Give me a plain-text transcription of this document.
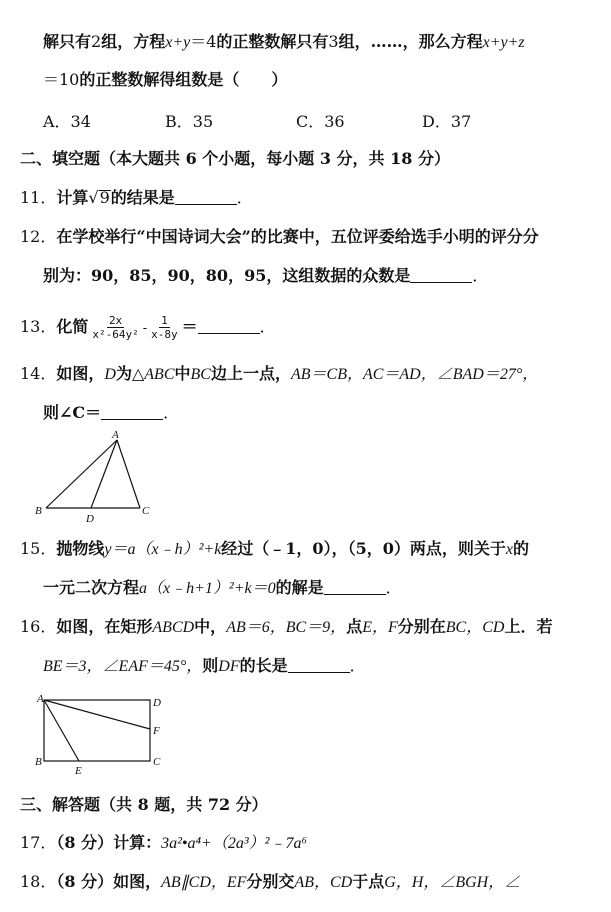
解只有2组，方程x+y＝4的正整数解只有3组，……，那么方程x+y+z
＝10的正整数解得组数是（　　）
A．34	B．35	C．36	D．37
二、填空题（本大题共 6 个小题，每小题 3 分，共 18 分）
11．计算√9的结果是	．
12．在学校举行“中国诗词大会”的比赛中，五位评委给选手小明的评分分
别为：90，85，90，80，95，这组数据的众数是	．
13．化简 $\frac{2x}{\text{x²-64y²}} - \frac{1}{x-8y}$ ＝	．
14．如图，D为△ABC中BC边上一点，AB＝CB，AC＝AD，∠BAD＝27°，
则∠C＝	．
A
B	C
D
15．抛物线y＝a（x﹣h）²+k经过（﹣1，0），（5，0）两点，则关于x的
一元二次方程a（x﹣h+1）²+k＝0的解是	．
16．如图，在矩形ABCD中，AB＝6，BC＝9，点E，F分别在BC，CD上．若
BE＝3，∠EAF＝45°，则DF的长是	．
A	D
F
B	C
E
三、解答题（共 8 题，共 72 分）
17．（8 分）计算：3a²•a⁴+（2a³）²﹣7a⁶
18．（8 分）如图，AB∥CD，EF分别交AB，CD于点G，H，∠BGH，∠
